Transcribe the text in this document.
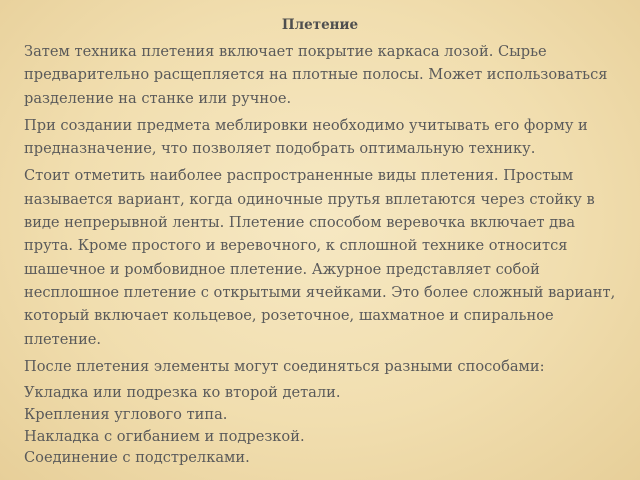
Плетение

Затем техника плетения включает покрытие каркаса лозой. Сырье предварительно расщепляется на плотные полосы. Может использоваться разделение на станке или ручное.

При создании предмета меблировки необходимо учитывать его форму и предназначение, что позволяет подобрать оптимальную технику.

Стоит отметить наиболее распространенные виды плетения. Простым называется вариант, когда одиночные прутья вплетаются через стойку в виде непрерывной ленты. Плетение способом веревочка включает два прута. Кроме простого и веревочного, к сплошной технике относится шашечное и ромбовидное плетение. Ажурное представляет собой несплошное плетение с открытыми ячейками. Это более сложный вариант, который включает кольцевое, розеточное, шахматное и спиральное плетение.

После плетения элементы могут соединяться разными способами:

Укладка или подрезка ко второй детали.
Крепления углового типа.
Накладка с огибанием и подрезкой.
Соединение с подстрелками.
